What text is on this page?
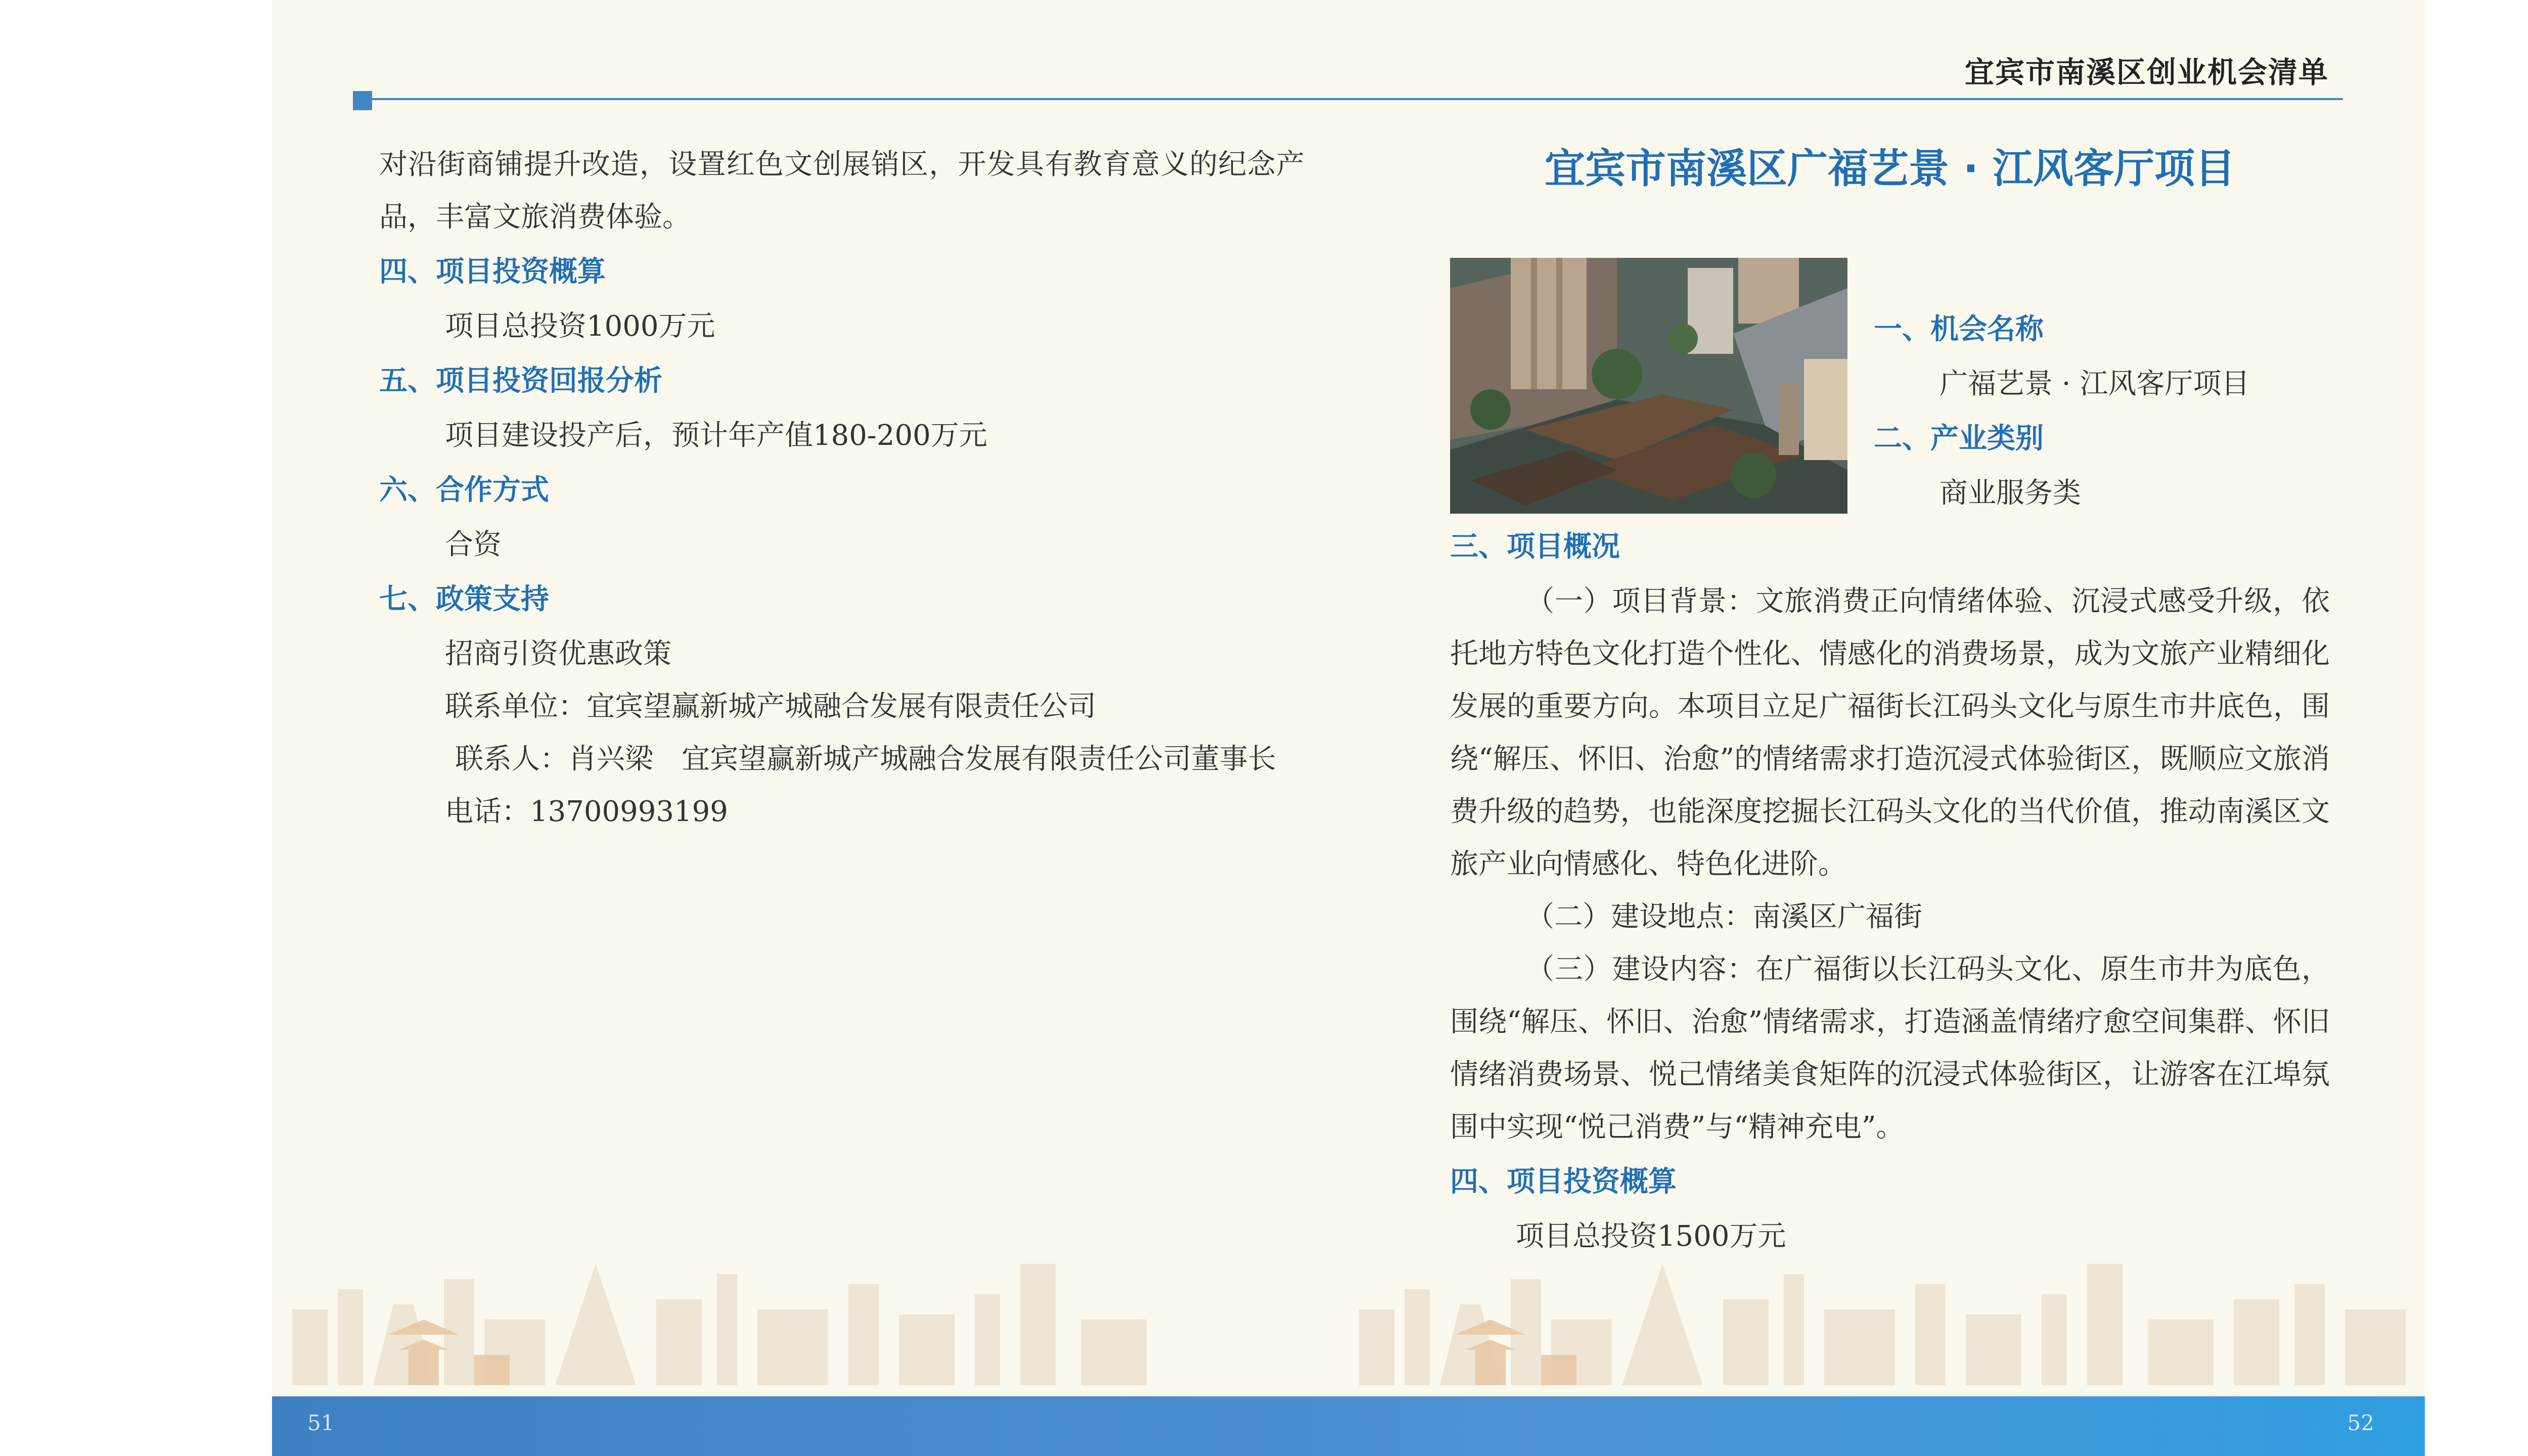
宜宾市南溪区创业机会清单

对沿街商铺提升改造，设置红色文创展销区，开发具有教育意义的纪念产品，丰富文旅消费体验。

四、项目投资概算

项目总投资1000万元

五、项目投资回报分析

项目建设投产后，预计年产值180-200万元

六、合作方式

合资

七、政策支持

招商引资优惠政策

联系单位：宜宾望赢新城产城融合发展有限责任公司

联系人：肖兴梁　宜宾望赢新城产城融合发展有限责任公司董事长

电话：13700993199

宜宾市南溪区广福艺景 · 江风客厅项目
一、机会名称

广福艺景 · 江风客厅项目

二、产业类别

商业服务类

三、项目概况

（一）项目背景：文旅消费正向情绪体验、沉浸式感受升级，依托地方特色文化打造个性化、情感化的消费场景，成为文旅产业精细化发展的重要方向。本项目立足广福街长江码头文化与原生市井底色，围绕“解压、怀旧、治愈”的情绪需求打造沉浸式体验街区，既顺应文旅消费升级的趋势，也能深度挖掘长江码头文化的当代价值，推动南溪区文旅产业向情感化、特色化进阶。

（二）建设地点：南溪区广福街

（三）建设内容：在广福街以长江码头文化、原生市井为底色，围绕“解压、怀旧、治愈”情绪需求，打造涵盖情绪疗愈空间集群、怀旧情绪消费场景、悦己情绪美食矩阵的沉浸式体验街区，让游客在江埠氛围中实现“悦己消费”与“精神充电”。

四、项目投资概算

项目总投资1500万元

51	52
